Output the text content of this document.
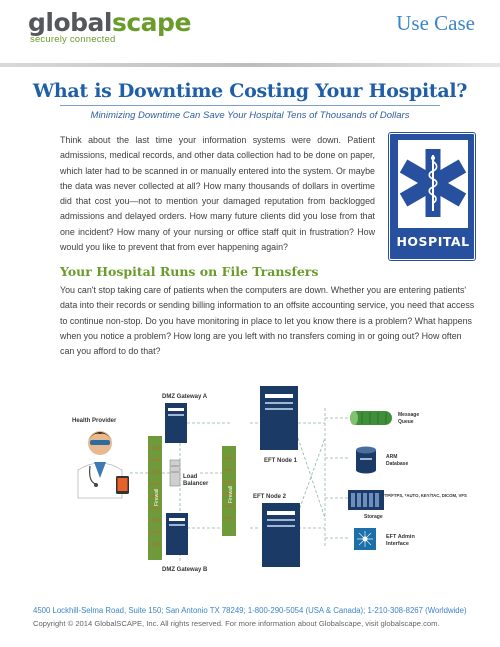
globalscape
securely connected
Use Case
What is Downtime Costing Your Hospital?
Minimizing Downtime Can Save Your Hospital Tens of Thousands of Dollars

Think about the last time your information systems were down. Patient admissions, medical records, and other data collection had to be done on paper, which later had to be scanned in or manually entered into the system. Or maybe the data was never collected at all? How many thousands of dollars in overtime did that cost you—not to mention your damaged reputation from backlogged admissions and delayed orders. How many future clients did you lose from that one incident? How many of your nursing or office staff quit in frustration? How would you like to prevent that from ever happening again?	HOSPITAL
Your Hospital Runs on File Transfers

You can't stop taking care of patients when the computers are down. Whether you are entering patients' data into their records or sending billing information to an offsite accounting service, you need that access to continue non-stop. Do you have monitoring in place to let you know there is a problem? What happens when you notice a problem? How long are you left with no transfers coming in or going out? How often can you afford to do that?

Health Provider
Firewall
DMZ Gateway A
Load
Balancer
DMZ Gateway B
Firewall
EFT Node 1
EFT Node 2
Message
Queue
ARM
Database
FTP/FTPS, *AUTO, KEY/TAC, DICOM, VFS
Storage
EFT Admin
Interface
4500 Lockhill-Selma Road, Suite 150; San Antonio TX 78249; 1-800-290-5054 (USA & Canada); 1-210-308-8267 (Worldwide)
Copyright © 2014 GlobalSCAPE, Inc. All rights reserved. For more information about Globalscape, visit globalscape.com.
